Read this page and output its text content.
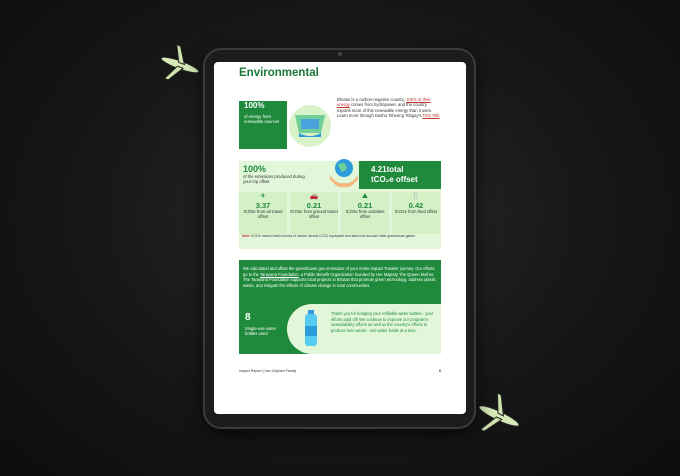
Environmental
100%
of energy from renewable sources
Bhutan is a carbon-negative country, 100% of their energy comes from hydropower, and the country exports more of this renewable energy than it uses. Learn more through Dasho Tshering Tobgay's TED Talk
100%
of the emissions produced during your trip offset
4.21total
tCO₂e offset
✈
3.37
tCO2e from air travel offset
🚗
0.21
tCO2e from ground travel offset
⛰
0.21
tCO2e from activities offset
🍴
0.42
tCO2e from food offset
Note: tCO2e means metric tonnes of carbon dioxide (CO2) equivalent and takes into account other greenhouse gases.
We calculated and offset the greenhouse gas emissions of your entire Impact Traveler journey. Our efforts go to the Tarayana Foundation, a Public Benefit Organization founded by Her Majesty The Queen Mother. The Tarayana Foundation supports local projects in Bhutan that promote green technology, address plastic waste, and mitigate the effects of climate change in rural communities.
8
Single-use water bottles used
Thank you for bringing your refillable water bottles - your efforts paid off! We continue to improve our program's sustainability efforts as well as the country's efforts to produce less waste - one water bottle at a time.
Impact Report | Van Zolphen Family	6
